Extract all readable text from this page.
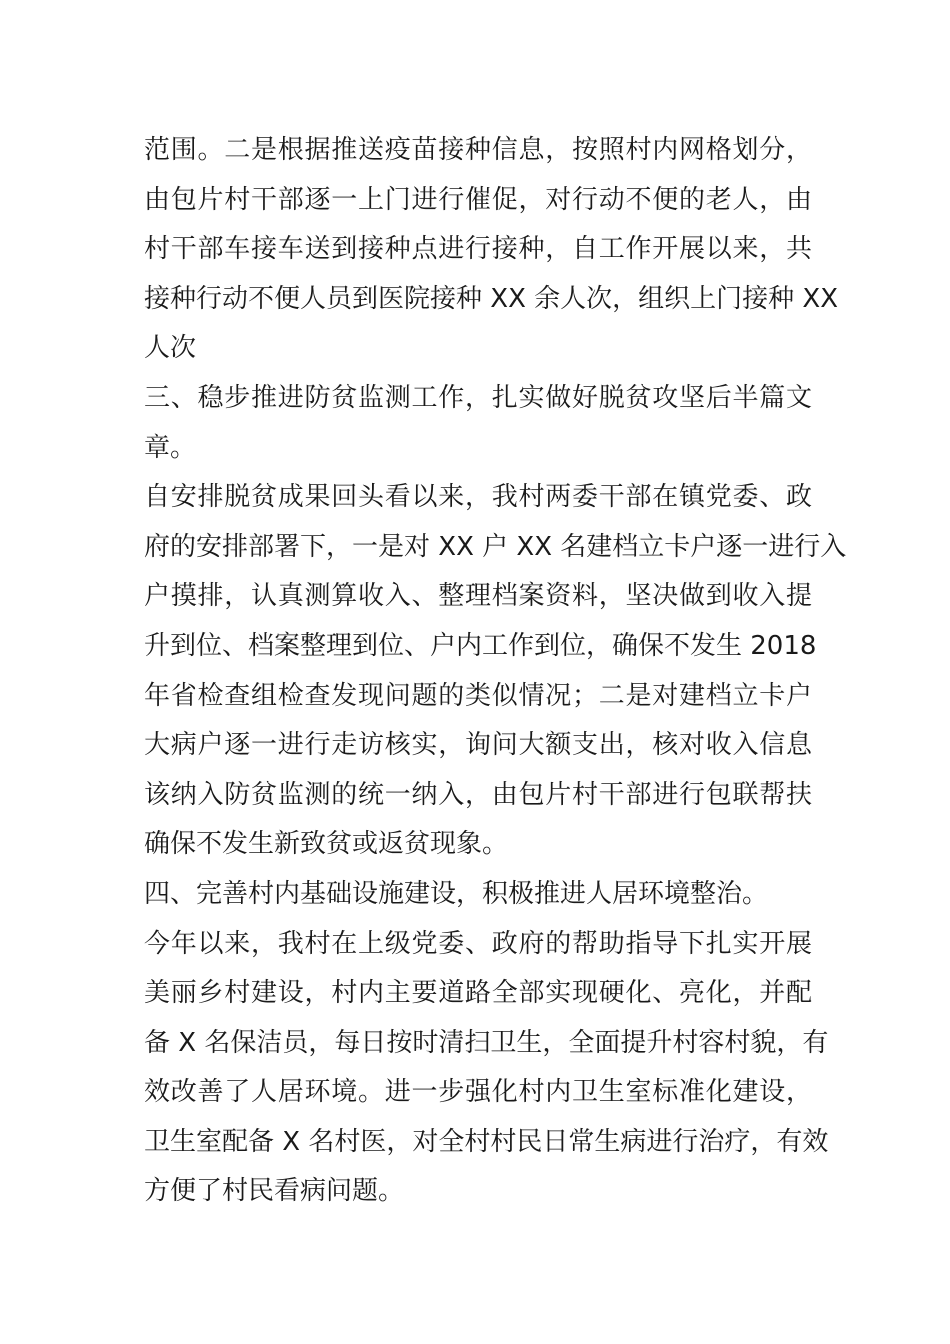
范围。二是根据推送疫苗接种信息，按照村内网格划分，
由包片村干部逐一上门进行催促，对行动不便的老人，由
村干部车接车送到接种点进行接种，自工作开展以来，共
接种行动不便人员到医院接种 XX 余人次，组织上门接种 XX
人次
三、稳步推进防贫监测工作，扎实做好脱贫攻坚后半篇文
章。
自安排脱贫成果回头看以来，我村两委干部在镇党委、政
府的安排部署下，一是对 XX 户 XX 名建档立卡户逐一进行入
户摸排，认真测算收入、整理档案资料，坚决做到收入提
升到位、档案整理到位、户内工作到位，确保不发生 2018
年省检查组检查发现问题的类似情况；二是对建档立卡户
大病户逐一进行走访核实，询问大额支出，核对收入信息
该纳入防贫监测的统一纳入，由包片村干部进行包联帮扶
确保不发生新致贫或返贫现象。
四、完善村内基础设施建设，积极推进人居环境整治。
今年以来，我村在上级党委、政府的帮助指导下扎实开展
美丽乡村建设，村内主要道路全部实现硬化、亮化，并配
备 X 名保洁员，每日按时清扫卫生，全面提升村容村貌，有
效改善了人居环境。进一步强化村内卫生室标准化建设，
卫生室配备 X 名村医，对全村村民日常生病进行治疗，有效
方便了村民看病问题。
